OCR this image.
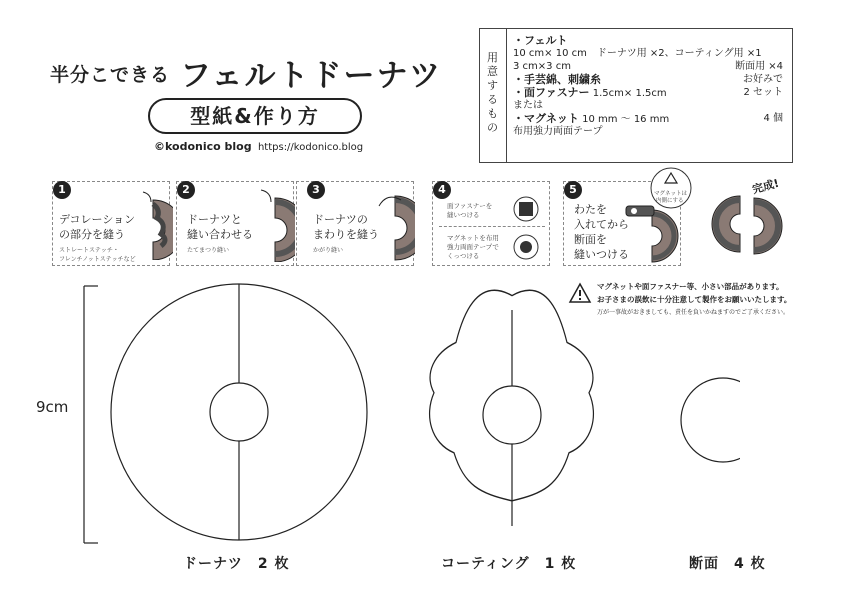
半分こできる フェルトドーナツ
型紙&作り方
©kodonico blog https://kodonico.blog
用意するもの
・フェルト
10 cm× 10 cm　ドーナツ用 ×2、コーティング用 ×1
3 cm×3 cm	断面用 ×4
・手芸綿、刺繍糸	お好みで
・面ファスナー 1.5cm× 1.5cm	2 セット
または
・マグネット 10 mm ～ 16 mm	4 個
布用強力両面テープ
1
デコレーション
の部分を縫う
ストレートステッチ・
フレンチノットステッチなど
2
ドーナツと
縫い合わせる
たてまつり縫い
3
ドーナツの
まわりを縫う
かがり縫い
4
面ファスナーを
縫いつける
マグネットを布用
強力両面テープで
くっつける
5
わたを
入れてから
断面を
縫いつける
マグネットは
内側にする
完成!
マグネットや面ファスナー等、小さい部品があります。
お子さまの誤飲に十分注意して製作をお願いいたします。
万が一事故がおきましても、責任を負いかねますのでご了承ください。
9cm
ドーナツ　2 枚	コーティング　1 枚	断面　4 枚
